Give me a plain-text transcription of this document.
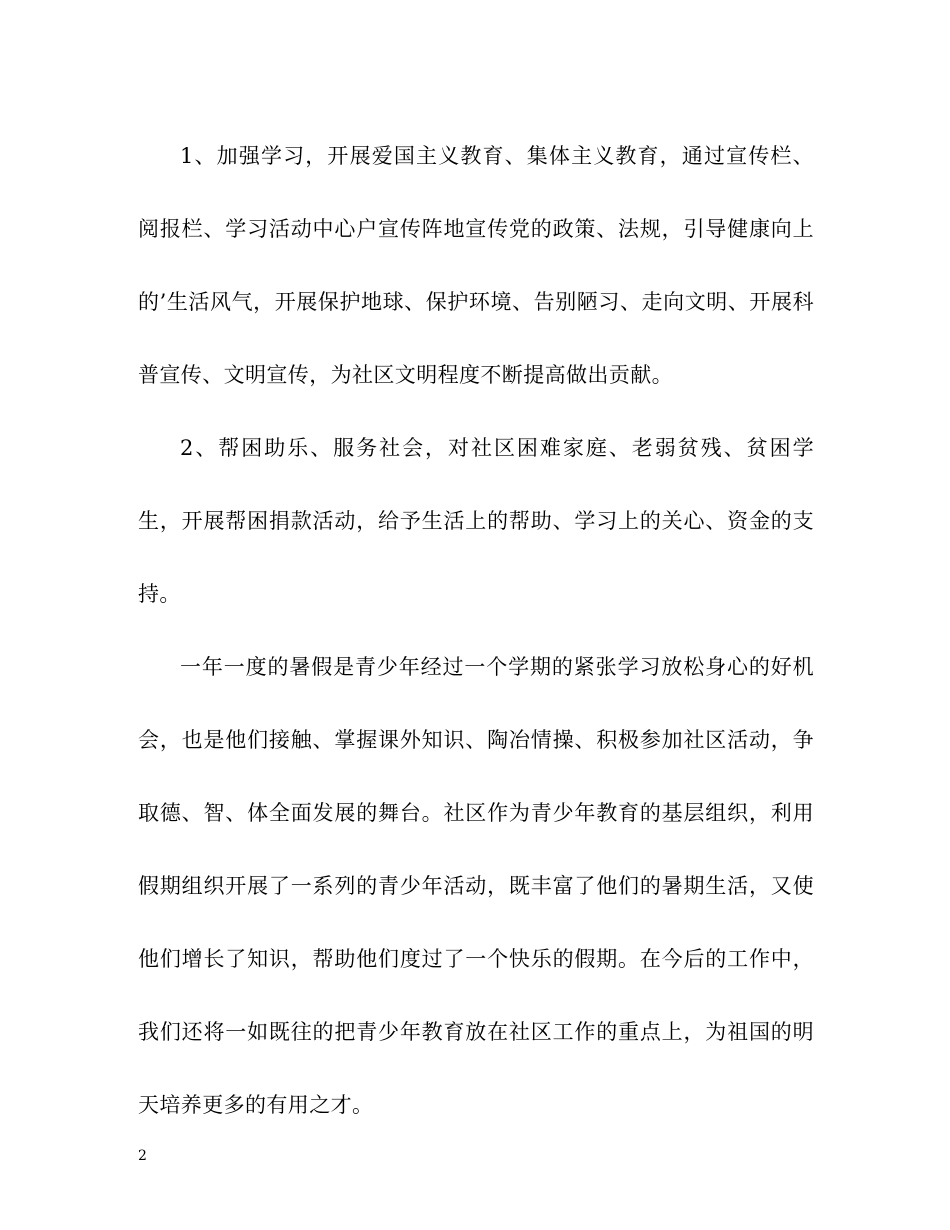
1、加强学习，开展爱国主义教育、集体主义教育，通过宣传栏、阅报栏、学习活动中心户宣传阵地宣传党的政策、法规，引导健康向上的’生活风气，开展保护地球、保护环境、告别陋习、走向文明、开展科普宣传、文明宣传，为社区文明程度不断提高做出贡献。

2、帮困助乐、服务社会，对社区困难家庭、老弱贫残、贫困学生，开展帮困捐款活动，给予生活上的帮助、学习上的关心、资金的支持。

一年一度的暑假是青少年经过一个学期的紧张学习放松身心的好机会，也是他们接触、掌握课外知识、陶冶情操、积极参加社区活动，争取德、智、体全面发展的舞台。社区作为青少年教育的基层组织，利用假期组织开展了一系列的青少年活动，既丰富了他们的暑期生活，又使他们增长了知识，帮助他们度过了一个快乐的假期。在今后的工作中，我们还将一如既往的把青少年教育放在社区工作的重点上，为祖国的明天培养更多的有用之才。

2
